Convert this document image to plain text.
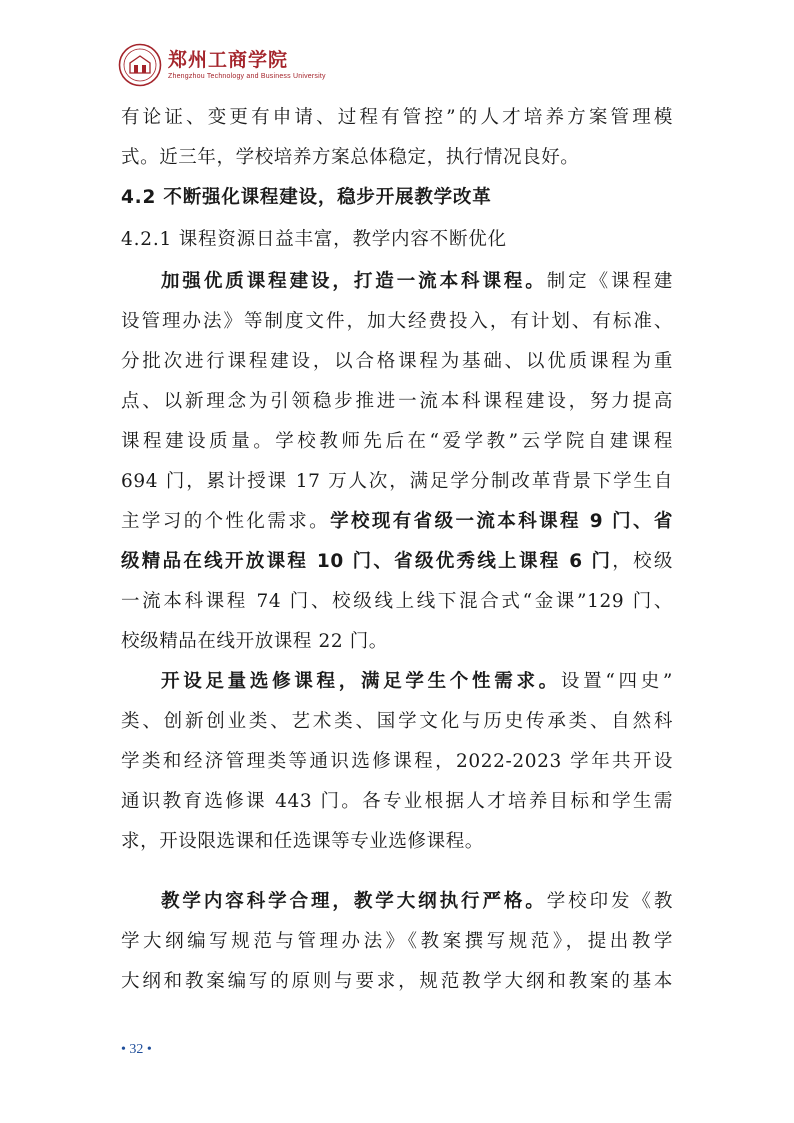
郑州工商学院
Zhengzhou Technology and Business University
有论证、变更有申请、过程有管控”的人才培养方案管理模
式。近三年，学校培养方案总体稳定，执行情况良好。
4.2 不断强化课程建设，稳步开展教学改革
4.2.1 课程资源日益丰富，教学内容不断优化
加强优质课程建设，打造一流本科课程。制定《课程建
设管理办法》等制度文件，加大经费投入，有计划、有标准、
分批次进行课程建设，以合格课程为基础、以优质课程为重
点、以新理念为引领稳步推进一流本科课程建设，努力提高
课程建设质量。学校教师先后在“爱学教”云学院自建课程
694 门，累计授课 17 万人次，满足学分制改革背景下学生自
主学习的个性化需求。学校现有省级一流本科课程 9 门、省
级精品在线开放课程 10 门、省级优秀线上课程 6 门，校级
一流本科课程 74 门、校级线上线下混合式“金课”129 门、
校级精品在线开放课程 22 门。
开设足量选修课程，满足学生个性需求。设置“四史”
类、创新创业类、艺术类、国学文化与历史传承类、自然科
学类和经济管理类等通识选修课程，2022-2023 学年共开设
通识教育选修课 443 门。各专业根据人才培养目标和学生需
求，开设限选课和任选课等专业选修课程。
教学内容科学合理，教学大纲执行严格。学校印发《教
学大纲编写规范与管理办法》《教案撰写规范》，提出教学
大纲和教案编写的原则与要求，规范教学大纲和教案的基本
• 32 •
